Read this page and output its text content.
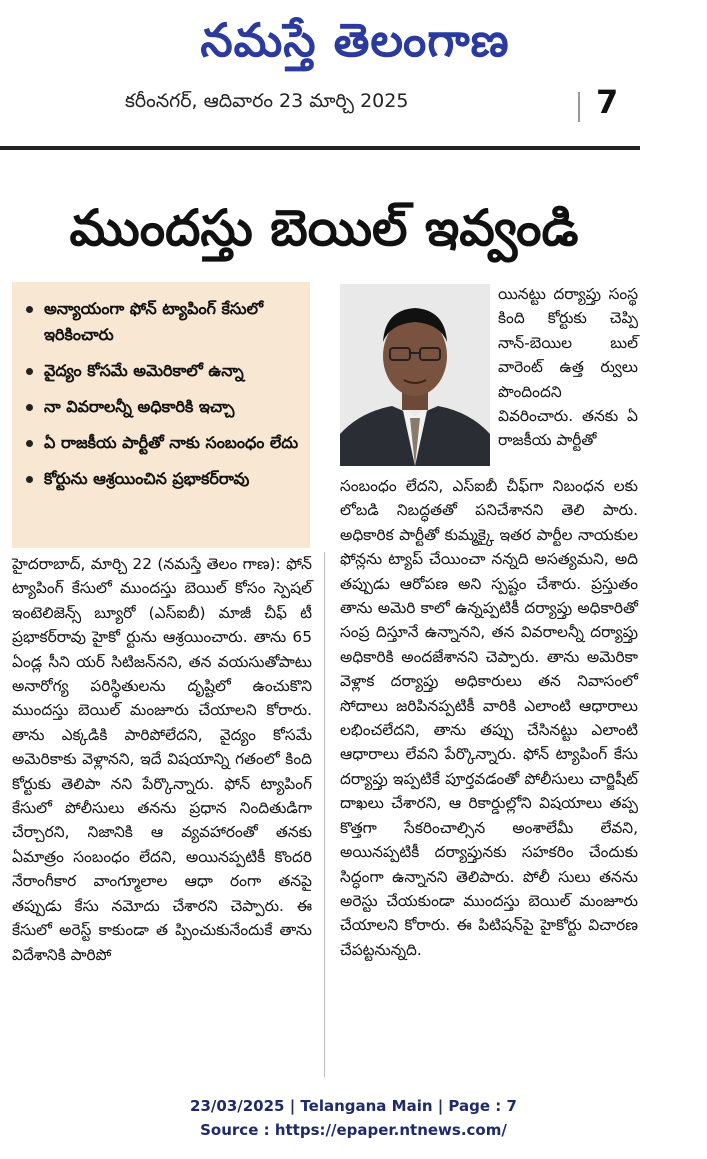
నమస్తే తెలంగాణ
కరీంనగర్, ఆదివారం 23 మార్చి 2025	7
ముందస్తు బెయిల్ ఇవ్వండి
అన్యాయంగా ఫోన్ ట్యాపింగ్ కేసులో ఇరికించారు
వైద్యం కోసమే అమెరికాలో ఉన్నా
నా వివరాలన్నీ అధికారికి ఇచ్చా
ఏ రాజకీయ పార్టీతో నాకు సంబంధం లేదు
కోర్టును ఆశ్రయించిన ప్రభాకర్‌రావు

యినట్టు దర్యాప్తు సంస్థ కింది కోర్టుకు చెప్పి నాన్-బెయిల బుల్ వారెంట్ ఉత్త ర్వులు పొందిందని వివరించారు. తనకు ఏ రాజకీయ పార్టీతో

హైదరాబాద్, మార్చి 22 (నమస్తే తెలం గాణ): ఫోన్ ట్యాపింగ్ కేసులో ముందస్తు బెయిల్ కోసం స్పెషల్ ఇంటెలిజెన్స్ బ్యూరో (ఎస్ఐబీ) మాజీ చీఫ్ టీ ప్రభాకర్‌రావు హైకో ర్టును ఆశ్రయించారు. తాను 65 ఏండ్ల సీని యర్ సిటిజన్‌నని, తన వయసుతోపాటు అనారోగ్య పరిస్థితులను దృష్టిలో ఉంచుకొని ముందస్తు బెయిల్ మంజూరు చేయాలని కోరారు. తాను ఎక్కడికి పారిపోలేదని, వైద్యం కోసమే అమెరికాకు వెళ్లానని, ఇదే విషయాన్ని గతంలో కింది కోర్టుకు తెలిపా నని పేర్కొన్నారు. ఫోన్ ట్యాపింగ్ కేసులో పోలీసులు తనను ప్రధాన నిందితుడిగా చేర్చారని, నిజానికి ఆ వ్యవహారంతో తనకు ఏమాత్రం సంబంధం లేదని, అయినప్పటికీ కొందరి నేరాంగీకార వాంగ్మూలాల ఆధా రంగా తనపై తప్పుడు కేసు నమోదు చేశారని చెప్పారు. ఈ కేసులో అరెస్ట్ కాకుండా త ప్పించుకునేందుకే తాను విదేశానికి పారిపో

సంబంధం లేదని, ఎస్ఐబీ చీఫ్‌గా నిబంధన లకు లోబడి నిబద్ధతతో పనిచేశానని తెలి పారు. అధికారిక పార్టీతో కుమ్మక్కై ఇతర పార్టీల నాయకుల ఫోన్లను ట్యాప్ చేయించా నన్నది అసత్యమని, అది తప్పుడు ఆరోపణ అని స్పష్టం చేశారు. ప్రస్తుతం తాను అమెరి కాలో ఉన్నప్పటికీ దర్యాప్తు అధికారితో సంప్ర దిస్తూనే ఉన్నానని, తన వివరాలన్నీ దర్యాప్తు అధికారికి అందజేశానని చెప్పారు. తాను అమెరికా వెళ్లాక దర్యాప్తు అధికారులు తన నివాసంలో సోదాలు జరిపినప్పటికీ వారికి ఎలాంటి ఆధారాలు లభించలేదని, తాను తప్పు చేసినట్టు ఎలాంటి ఆధారాలు లేవని పేర్కొన్నారు. ఫోన్ ట్యాపింగ్ కేసు దర్యాప్తు ఇప్పటికే పూర్తవడంతో పోలీసులు చార్జిషీట్ దాఖలు చేశారని, ఆ రికార్డుల్లోని విషయాలు తప్ప కొత్తగా సేకరించాల్సిన అంశాలేమీ లేవని, అయినప్పటికీ దర్యాప్తునకు సహకరిం చేందుకు సిద్ధంగా ఉన్నానని తెలిపారు. పోలీ సులు తనను అరెస్టు చేయకుండా ముందస్తు బెయిల్ మంజూరు చేయాలని కోరారు. ఈ పిటిషన్‌పై హైకోర్టు విచారణ చేపట్టనున్నది.

23/03/2025 | Telangana Main | Page : 7
Source : https://epaper.ntnews.com/
